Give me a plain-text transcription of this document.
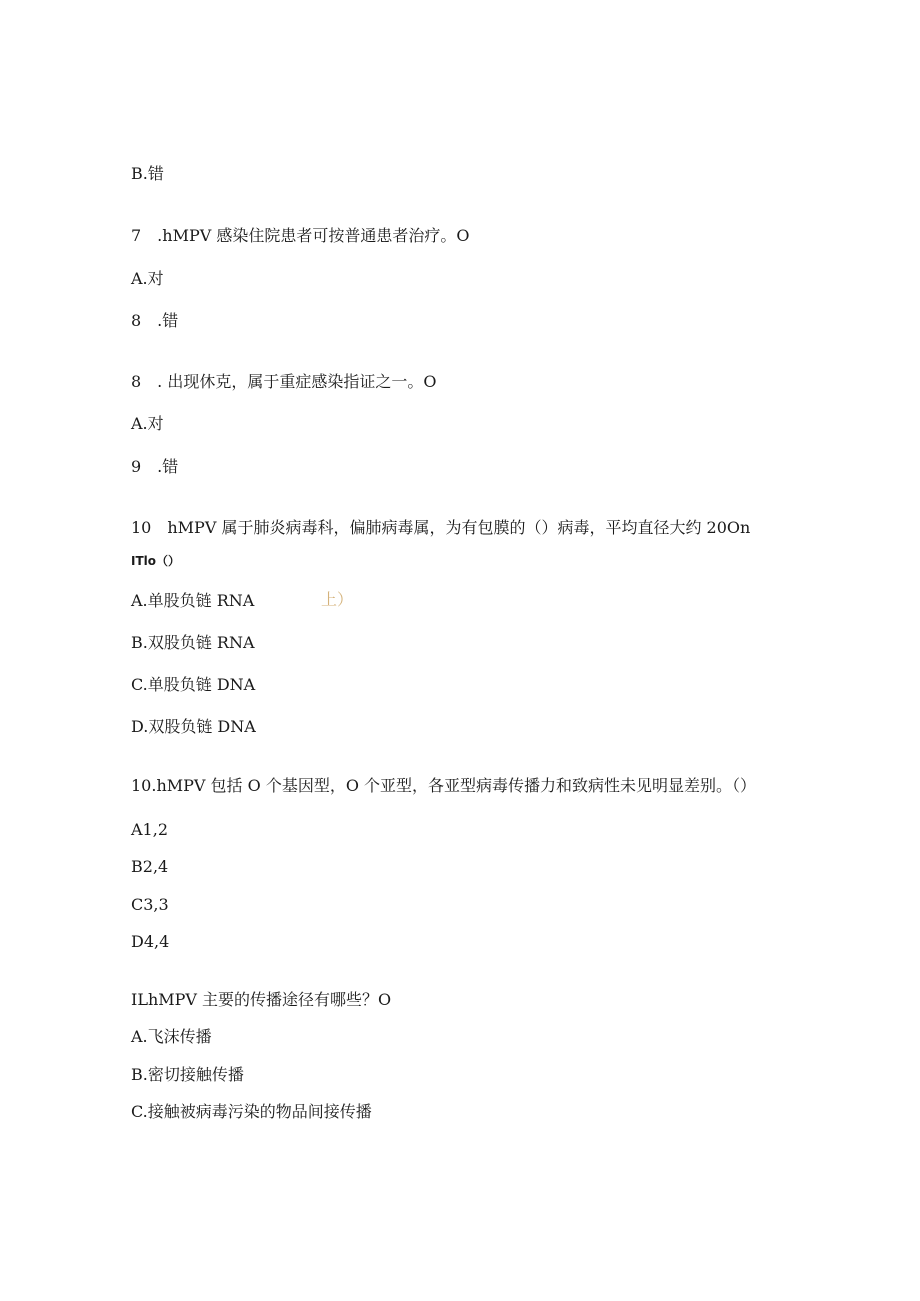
B.错
7 .hMPV 感染住院患者可按普通患者治疗。O
A.对
8 .错
8 . 出现休克，属于重症感染指证之一。O
A.对
9 .错
10 hMPV 属于肺炎病毒科，偏肺病毒属，为有包膜的（）病毒，平均直径大约 20On
ITlo（）
A.单股负链 RNA	上）
B.双股负链 RNA
C.单股负链 DNA
D.双股负链 DNA
10.hMPV 包括 O 个基因型，O 个亚型，各亚型病毒传播力和致病性未见明显差别。（）
A1,2
B2,4
C3,3
D4,4
ILhMPV 主要的传播途径有哪些？O
A.飞沫传播
B.密切接触传播
C.接触被病毒污染的物品间接传播
